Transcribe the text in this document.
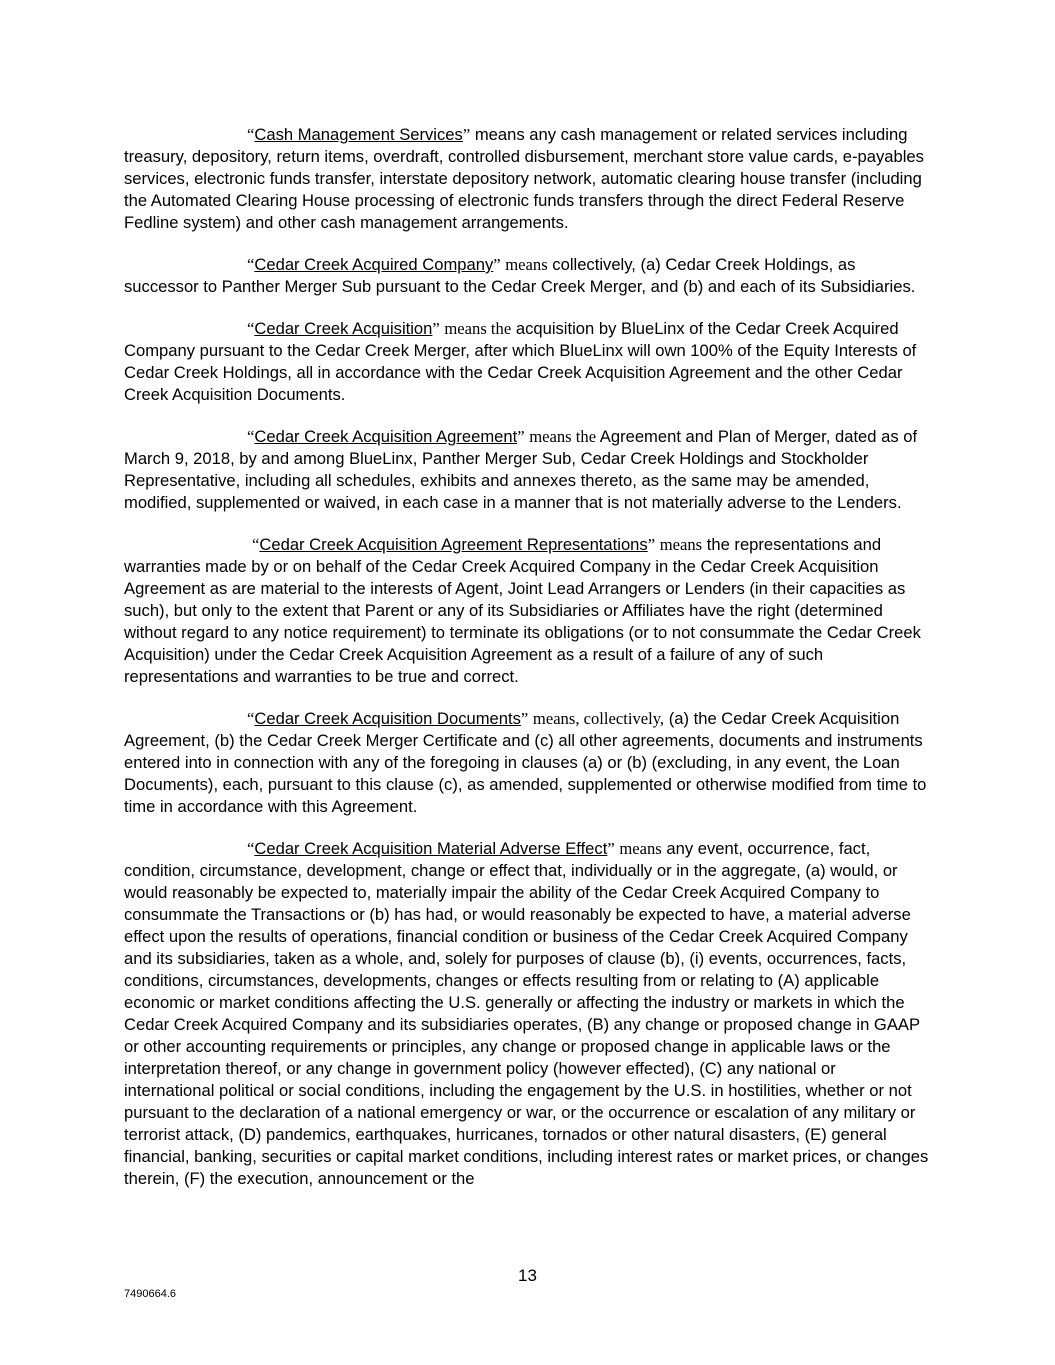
“Cash Management Services” means any cash management or related services including treasury, depository, return items, overdraft, controlled disbursement, merchant store value cards, e-payables services, electronic funds transfer, interstate depository network, automatic clearing house transfer (including the Automated Clearing House processing of electronic funds transfers through the direct Federal Reserve Fedline system) and other cash management arrangements.

“Cedar Creek Acquired Company” means collectively, (a) Cedar Creek Holdings, as successor to Panther Merger Sub pursuant to the Cedar Creek Merger, and (b) and each of its Subsidiaries.

“Cedar Creek Acquisition” means the acquisition by BlueLinx of the Cedar Creek Acquired Company pursuant to the Cedar Creek Merger, after which BlueLinx will own 100% of the Equity Interests of Cedar Creek Holdings, all in accordance with the Cedar Creek Acquisition Agreement and the other Cedar Creek Acquisition Documents.

“Cedar Creek Acquisition Agreement” means the Agreement and Plan of Merger, dated as of March 9, 2018, by and among BlueLinx, Panther Merger Sub, Cedar Creek Holdings and Stockholder Representative, including all schedules, exhibits and annexes thereto, as the same may be amended, modified, supplemented or waived, in each case in a manner that is not materially adverse to the Lenders.

“Cedar Creek Acquisition Agreement Representations” means the representations and warranties made by or on behalf of the Cedar Creek Acquired Company in the Cedar Creek Acquisition Agreement as are material to the interests of Agent, Joint Lead Arrangers or Lenders (in their capacities as such), but only to the extent that Parent or any of its Subsidiaries or Affiliates have the right (determined without regard to any notice requirement) to terminate its obligations (or to not consummate the Cedar Creek Acquisition) under the Cedar Creek Acquisition Agreement as a result of a failure of any of such representations and warranties to be true and correct.

“Cedar Creek Acquisition Documents” means, collectively, (a) the Cedar Creek Acquisition Agreement, (b) the Cedar Creek Merger Certificate and (c) all other agreements, documents and instruments entered into in connection with any of the foregoing in clauses (a) or (b) (excluding, in any event, the Loan Documents), each, pursuant to this clause (c), as amended, supplemented or otherwise modified from time to time in accordance with this Agreement.

“Cedar Creek Acquisition Material Adverse Effect” means any event, occurrence, fact, condition, circumstance, development, change or effect that, individually or in the aggregate, (a) would, or would reasonably be expected to, materially impair the ability of the Cedar Creek Acquired Company to consummate the Transactions or (b) has had, or would reasonably be expected to have, a material adverse effect upon the results of operations, financial condition or business of the Cedar Creek Acquired Company and its subsidiaries, taken as a whole, and, solely for purposes of clause (b), (i) events, occurrences, facts, conditions, circumstances, developments, changes or effects resulting from or relating to (A) applicable economic or market conditions affecting the U.S. generally or affecting the industry or markets in which the Cedar Creek Acquired Company and its subsidiaries operates, (B) any change or proposed change in GAAP or other accounting requirements or principles, any change or proposed change in applicable laws or the interpretation thereof, or any change in government policy (however effected), (C) any national or international political or social conditions, including the engagement by the U.S. in hostilities, whether or not pursuant to the declaration of a national emergency or war, or the occurrence or escalation of any military or terrorist attack, (D) pandemics, earthquakes, hurricanes, tornados or other natural disasters, (E) general financial, banking, securities or capital market conditions, including interest rates or market prices, or changes therein, (F) the execution, announcement or the

13
7490664.6
